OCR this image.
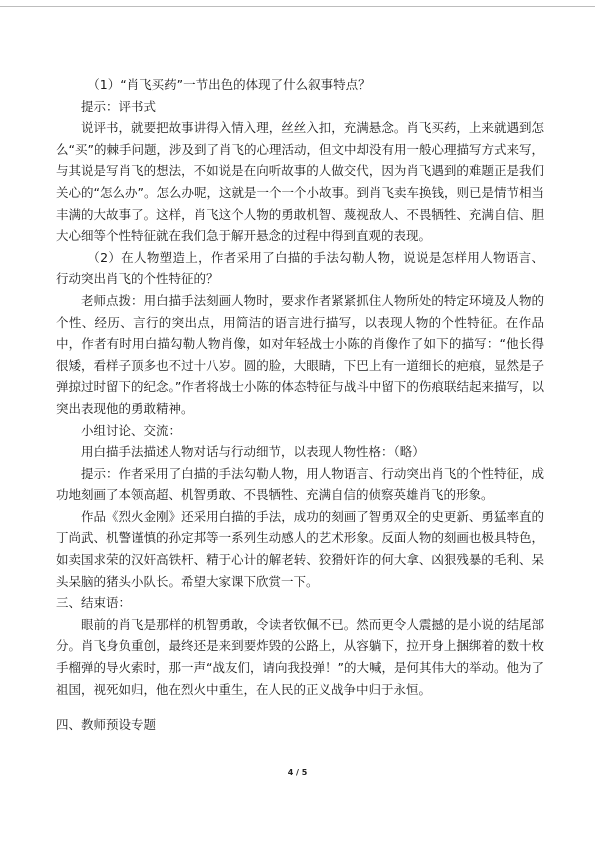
（1）“肖飞买药”一节出色的体现了什么叙事特点？

提示：评书式

说评书，就要把故事讲得入情入理，丝丝入扣，充满悬念。肖飞买药，上来就遇到怎么“买”的棘手问题，涉及到了肖飞的心理活动，但文中却没有用一般心理描写方式来写，与其说是写肖飞的想法，不如说是在向听故事的人做交代，因为肖飞遇到的难题正是我们关心的“怎么办”。怎么办呢，这就是一个一个小故事。到肖飞卖车换钱，则已是情节相当丰满的大故事了。这样，肖飞这个人物的勇敢机智、蔑视敌人、不畏牺牲、充满自信、胆大心细等个性特征就在我们急于解开悬念的过程中得到直观的表现。

（2）在人物塑造上，作者采用了白描的手法勾勒人物，说说是怎样用人物语言、行动突出肖飞的个性特征的？

老师点拨：用白描手法刻画人物时，要求作者紧紧抓住人物所处的特定环境及人物的个性、经历、言行的突出点，用简洁的语言进行描写，以表现人物的个性特征。在作品中，作者有时用白描勾勒人物肖像，如对年轻战士小陈的肖像作了如下的描写：“他长得很矮，看样子顶多也不过十八岁。圆的脸，大眼睛，下巴上有一道细长的疤痕，显然是子弹掠过时留下的纪念。”作者将战士小陈的体态特征与战斗中留下的伤痕联结起来描写，以突出表现他的勇敢精神。

小组讨论、交流：

用白描手法描述人物对话与行动细节，以表现人物性格：（略）

提示：作者采用了白描的手法勾勒人物，用人物语言、行动突出肖飞的个性特征，成功地刻画了本领高超、机智勇敢、不畏牺牲、充满自信的侦察英雄肖飞的形象。

作品《烈火金刚》还采用白描的手法，成功的刻画了智勇双全的史更新、勇猛率直的丁尚武、机警谨慎的孙定邦等一系列生动感人的艺术形象。反面人物的刻画也极具特色，如卖国求荣的汉奸高铁杆、精于心计的解老转、狡猾奸诈的何大拿、凶狠残暴的毛利、呆头呆脑的猪头小队长。希望大家课下欣赏一下。

三、结束语：

眼前的肖飞是那样的机智勇敢，令读者钦佩不已。然而更令人震撼的是小说的结尾部分。肖飞身负重创，最终还是来到要炸毁的公路上，从容躺下，拉开身上捆绑着的数十枚手榴弹的导火索时，那一声“战友们，请向我投弹！”的大喊，是何其伟大的举动。他为了祖国，视死如归，他在烈火中重生，在人民的正义战争中归于永恒。

四、教师预设专题

4 / 5
